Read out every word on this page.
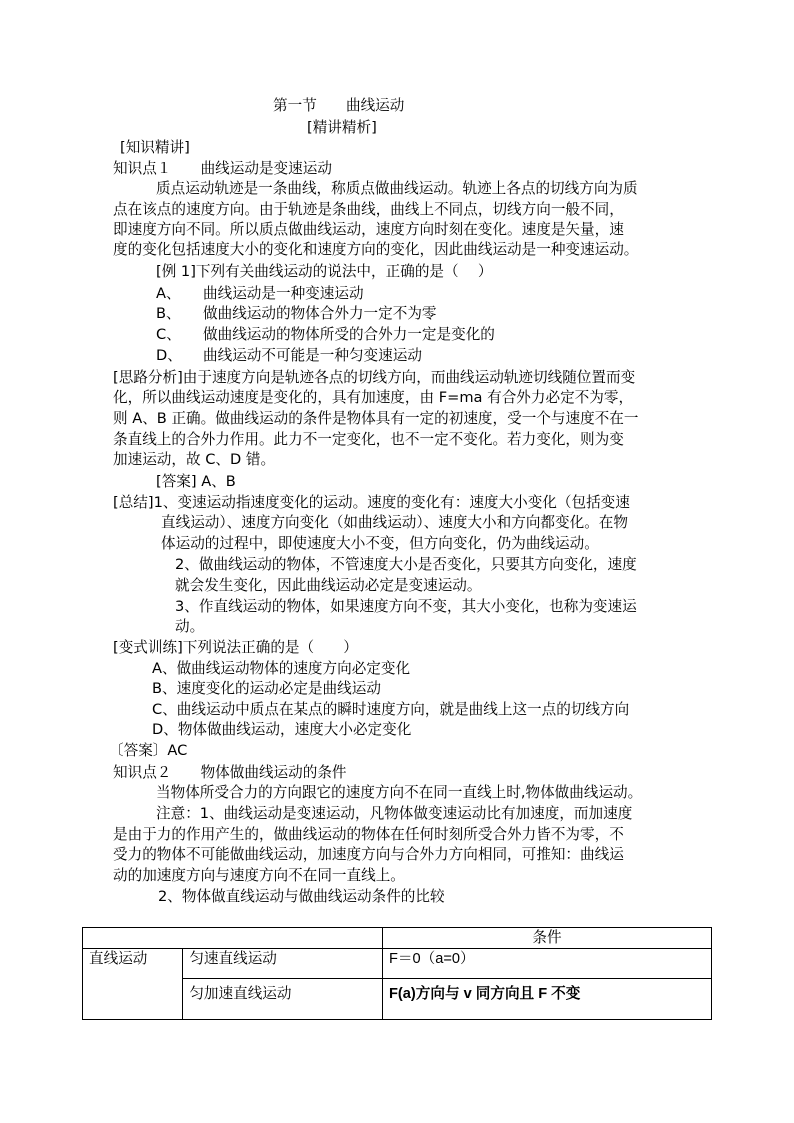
第一节　　曲线运动
[精讲精析]
[知识精讲]
知识点１　　曲线运动是变速运动
质点运动轨迹是一条曲线，称质点做曲线运动。轨迹上各点的切线方向为质
点在该点的速度方向。由于轨迹是条曲线，曲线上不同点，切线方向一般不同，
即速度方向不同。所以质点做曲线运动，速度方向时刻在变化。速度是矢量，速
度的变化包括速度大小的变化和速度方向的变化，因此曲线运动是一种变速运动。
[例 1]下列有关曲线运动的说法中，正确的是（　 ）
A、 曲线运动是一种变速运动
B、 做曲线运动的物体合外力一定不为零
C、 做曲线运动的物体所受的合外力一定是变化的
D、 曲线运动不可能是一种匀变速运动
[思路分析]由于速度方向是轨迹各点的切线方向，而曲线运动轨迹切线随位置而变
化，所以曲线运动速度是变化的，具有加速度，由 F=ma 有合外力必定不为零，
则 A、B 正确。做曲线运动的条件是物体具有一定的初速度，受一个与速度不在一
条直线上的合外力作用。此力不一定变化，也不一定不变化。若力变化，则为变
加速运动，故 C、D 错。
[答案] A、B
[总结]1、变速运动指速度变化的运动。速度的变化有：速度大小变化（包括变速
直线运动）、速度方向变化（如曲线运动）、速度大小和方向都变化。在物
体运动的过程中，即使速度大小不变，但方向变化，仍为曲线运动。
2、做曲线运动的物体，不管速度大小是否变化，只要其方向变化，速度
就会发生变化，因此曲线运动必定是变速运动。
3、作直线运动的物体，如果速度方向不变，其大小变化，也称为变速运
动。
[变式训练]下列说法正确的是（　　）
A、做曲线运动物体的速度方向必定变化
B、速度变化的运动必定是曲线运动
C、曲线运动中质点在某点的瞬时速度方向，就是曲线上这一点的切线方向
D、物体做曲线运动，速度大小必定变化
〔答案〕AC
知识点２　　物体做曲线运动的条件
当物体所受合力的方向跟它的速度方向不在同一直线上时,物体做曲线运动。
注意：1、曲线运动是变速运动，凡物体做变速运动比有加速度，而加速度
是由于力的作用产生的，做曲线运动的物体在任何时刻所受合外力皆不为零，不
受力的物体不可能做曲线运动，加速度方向与合外力方向相同，可推知：曲线运
动的加速度方向与速度方向不在同一直线上。
2、物体做直线运动与做曲线运动条件的比较
		条件
直线运动	匀速直线运动	F＝0（a=0）
	匀加速直线运动	F(a)方向与 v 同方向且 F 不变
